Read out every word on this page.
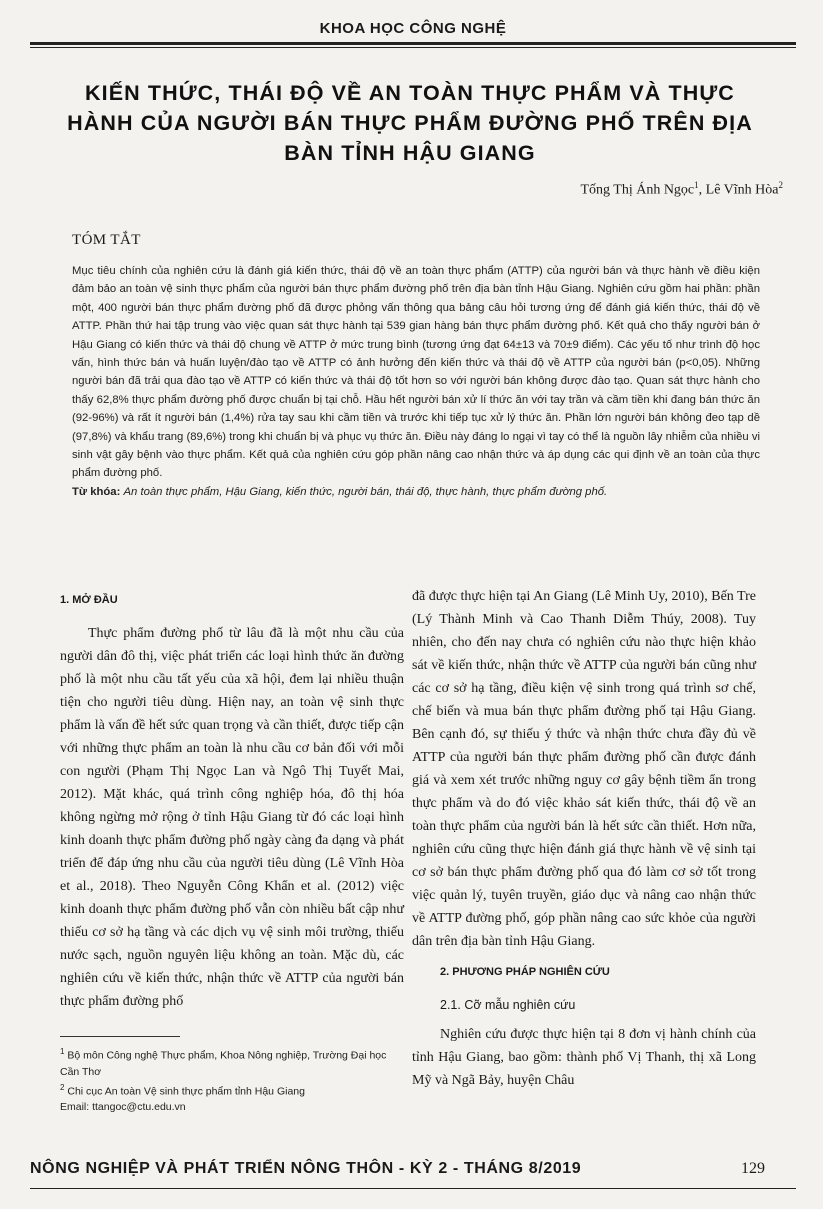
KHOA HỌC CÔNG NGHỆ
KIẾN THỨC, THÁI ĐỘ VỀ AN TOÀN THỰC PHẨM VÀ THỰC HÀNH CỦA NGƯỜI BÁN THỰC PHẨM ĐƯỜNG PHỐ TRÊN ĐỊA BÀN TỈNH HẬU GIANG
Tống Thị Ánh Ngọc$^1$, Lê Vĩnh Hòa$^2$
TÓM TẮT
Mục tiêu chính của nghiên cứu là đánh giá kiến thức, thái độ về an toàn thực phẩm (ATTP) của người bán và thực hành về điều kiện đảm bảo an toàn vệ sinh thực phẩm của người bán thực phẩm đường phố trên địa bàn tỉnh Hậu Giang. Nghiên cứu gồm hai phần: phần một, 400 người bán thực phẩm đường phố đã được phỏng vấn thông qua bảng câu hỏi tương ứng để đánh giá kiến thức, thái độ về ATTP. Phần thứ hai tập trung vào việc quan sát thực hành tại 539 gian hàng bán thực phẩm đường phố. Kết quả cho thấy người bán ở Hậu Giang có kiến thức và thái độ chung về ATTP ở mức trung bình (tương ứng đạt 64±13 và 70±9 điểm). Các yếu tố như trình độ học vấn, hình thức bán và huấn luyện/đào tạo về ATTP có ảnh hưởng đến kiến thức và thái độ về ATTP của người bán (p<0,05). Những người bán đã trải qua đào tạo về ATTP có kiến thức và thái độ tốt hơn so với người bán không được đào tạo. Quan sát thực hành cho thấy 62,8% thực phẩm đường phố được chuẩn bị tại chỗ. Hầu hết người bán xử lí thức ăn với tay trần và cầm tiền khi đang bán thức ăn (92-96%) và rất ít người bán (1,4%) rửa tay sau khi cầm tiền và trước khi tiếp tục xử lý thức ăn. Phần lớn người bán không đeo tạp dề (97,8%) và khẩu trang (89,6%) trong khi chuẩn bị và phục vụ thức ăn. Điều này đáng lo ngại vì tay có thể là nguồn lây nhiễm của nhiều vi sinh vật gây bệnh vào thực phẩm. Kết quả của nghiên cứu góp phần nâng cao nhận thức và áp dụng các qui định về an toàn của thực phẩm đường phố.
Từ khóa: An toàn thực phẩm, Hậu Giang, kiến thức, người bán, thái độ, thực hành, thực phẩm đường phố.
1. MỞ ĐẦU

Thực phẩm đường phố từ lâu đã là một nhu cầu của người dân đô thị, việc phát triển các loại hình thức ăn đường phố là một nhu cầu tất yếu của xã hội, đem lại nhiều thuận tiện cho người tiêu dùng. Hiện nay, an toàn vệ sinh thực phẩm là vấn đề hết sức quan trọng và cần thiết, được tiếp cận với những thực phẩm an toàn là nhu cầu cơ bản đối với mỗi con người (Phạm Thị Ngọc Lan và Ngô Thị Tuyết Mai, 2012). Mặt khác, quá trình công nghiệp hóa, đô thị hóa không ngừng mở rộng ở tỉnh Hậu Giang từ đó các loại hình kinh doanh thực phẩm đường phố ngày càng đa dạng và phát triển để đáp ứng nhu cầu của người tiêu dùng (Lê Vĩnh Hòa et al., 2018). Theo Nguyễn Công Khẩn et al. (2012) việc kinh doanh thực phẩm đường phố vẫn còn nhiều bất cập như thiếu cơ sở hạ tầng và các dịch vụ vệ sinh môi trường, thiếu nước sạch, nguồn nguyên liệu không an toàn. Mặc dù, các nghiên cứu về kiến thức, nhận thức về ATTP của người bán thực phẩm đường phố

đã được thực hiện tại An Giang (Lê Minh Uy, 2010), Bến Tre (Lý Thành Minh và Cao Thanh Diễm Thúy, 2008). Tuy nhiên, cho đến nay chưa có nghiên cứu nào thực hiện khảo sát về kiến thức, nhận thức về ATTP của người bán cũng như các cơ sở hạ tầng, điều kiện vệ sinh trong quá trình sơ chế, chế biến và mua bán thực phẩm đường phố tại Hậu Giang. Bên cạnh đó, sự thiếu ý thức và nhận thức chưa đầy đủ về ATTP của người bán thực phẩm đường phố cần được đánh giá và xem xét trước những nguy cơ gây bệnh tiềm ẩn trong thực phẩm và do đó việc khảo sát kiến thức, thái độ về an toàn thực phẩm của người bán là hết sức cần thiết. Hơn nữa, nghiên cứu cũng thực hiện đánh giá thực hành về vệ sinh tại cơ sở bán thực phẩm đường phố qua đó làm cơ sở tốt trong việc quản lý, tuyên truyền, giáo dục và nâng cao nhận thức về ATTP đường phố, góp phần nâng cao sức khỏe của người dân trên địa bàn tỉnh Hậu Giang.

2. PHƯƠNG PHÁP NGHIÊN CỨU
2.1. Cỡ mẫu nghiên cứu

Nghiên cứu được thực hiện tại 8 đơn vị hành chính của tỉnh Hậu Giang, bao gồm: thành phố Vị Thanh, thị xã Long Mỹ và Ngã Bảy, huyện Châu

$^1$ Bộ môn Công nghệ Thực phẩm, Khoa Nông nghiệp, Trường Đại học Cần Thơ
$^2$ Chi cục An toàn Vệ sinh thực phẩm tỉnh Hậu Giang
Email: ttangoc@ctu.edu.vn
NÔNG NGHIỆP VÀ PHÁT TRIỂN NÔNG THÔN - KỲ 2 - THÁNG 8/2019	129
